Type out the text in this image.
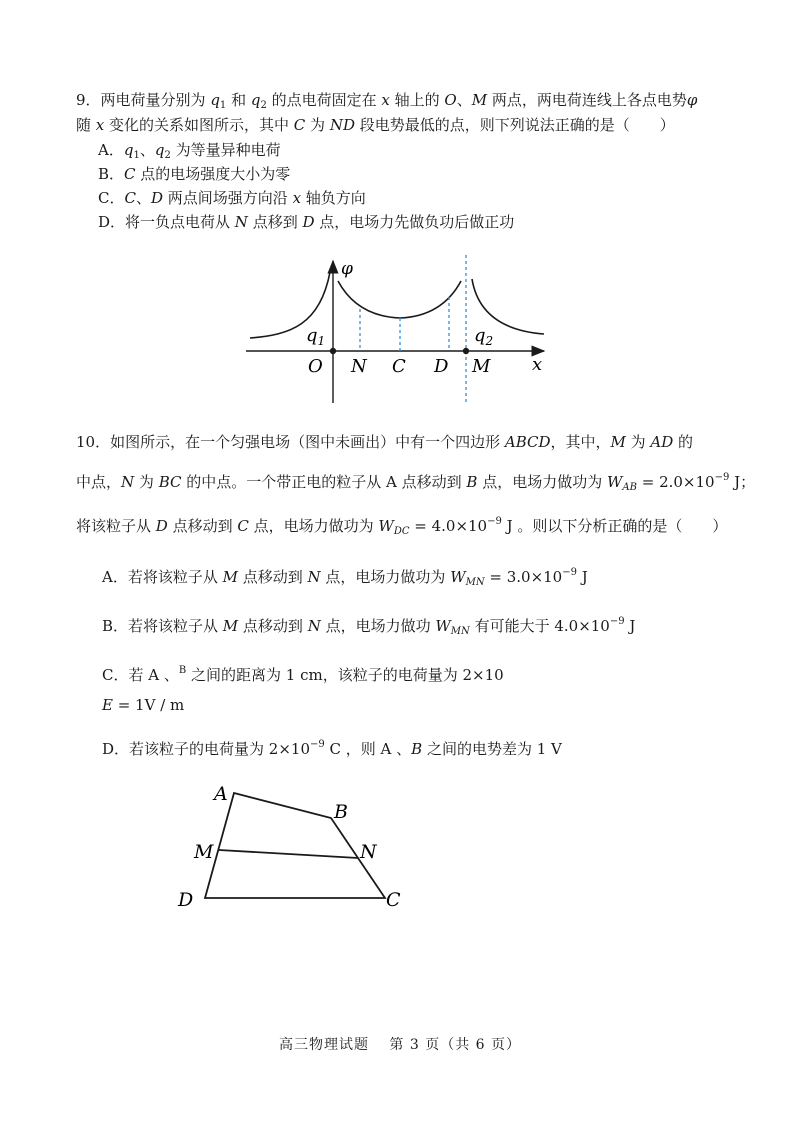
9．两电荷量分别为 $q_1$ 和 $q_2$ 的点电荷固定在 x 轴上的 O、M 两点，两电荷连线上各点电势φ
随 x 变化的关系如图所示，其中 C 为 ND 段电势最低的点，则下列说法正确的是（　　）
A．$q_1$、$q_2$ 为等量异种电荷
B．C 点的电场强度大小为零
C．C、D 两点间场强方向沿 x 轴负方向
D．将一负点电荷从 N 点移到 D 点，电场力先做负功后做正功
φ
x
$q_1$	$q_2$
O N C D M
10．如图所示，在一个匀强电场（图中未画出）中有一个四边形 ABCD，其中，M 为 AD 的
中点，N 为 BC 的中点。一个带正电的粒子从 A 点移动到 B 点，电场力做功为 $W_{AB} = 2.0\times 10^{-9}$ J；
将该粒子从 D 点移动到 C 点，电场力做功为 $W_{DC} = 4.0\times 10^{-9}$ J 。则以下分析正确的是（　　）
A．若将该粒子从 M 点移动到 N 点，电场力做功为 $W_{MN} = 3.0\times 10^{-9}$ J
B．若将该粒子从 M 点移动到 N 点，电场力做功 $W_{MN}$ 有可能大于 $4.0\times 10^{-9}$ J
C．若 A 、$^B$ 之间的距离为 1 cm，该粒子的电荷量为 2×10
E = 1V / m
D．若该粒子的电荷量为 $2\times 10^{-9}$ C ，则 A 、B 之间的电势差为 1 V
A
B
M	N
D	C
高三物理试题　 第 3 页（共 6 页）
